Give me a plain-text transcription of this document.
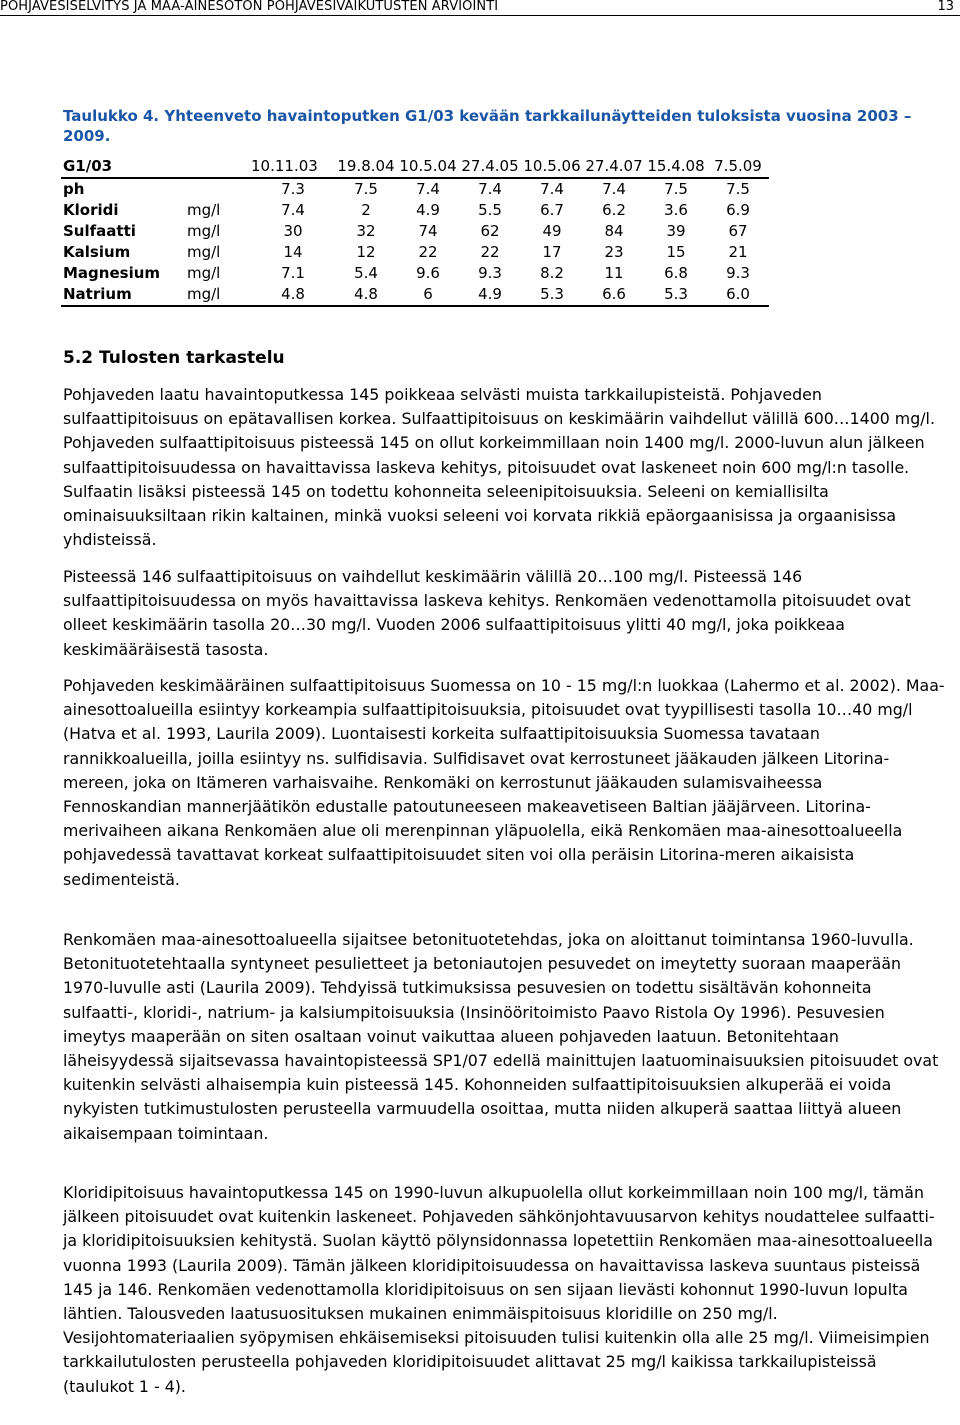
POHJAVESISELVITYS JA MAA-AINESOTON POHJAVESIVAIKUTUSTEN ARVIOINTI	13
Taulukko 4. Yhteenveto havaintoputken G1/03 kevään tarkkailunäytteiden tuloksista vuosina 2003 – 2009.
G1/03		10.11.03	19.8.04	10.5.04	27.4.05	10.5.06	27.4.07	15.4.08	7.5.09
ph		7.3	7.5	7.4	7.4	7.4	7.4	7.5	7.5
Kloridi	mg/l	7.4	2	4.9	5.5	6.7	6.2	3.6	6.9
Sulfaatti	mg/l	30	32	74	62	49	84	39	67
Kalsium	mg/l	14	12	22	22	17	23	15	21
Magnesium	mg/l	7.1	5.4	9.6	9.3	8.2	11	6.8	9.3
Natrium	mg/l	4.8	4.8	6	4.9	5.3	6.6	5.3	6.0
5.2 Tulosten tarkastelu

Pohjaveden laatu havaintoputkessa 145 poikkeaa selvästi muista tarkkailupisteistä. Pohjaveden sulfaattipitoisuus on epätavallisen korkea. Sulfaattipitoisuus on keskimäärin vaihdellut välillä 600…1400 mg/l. Pohjaveden sulfaattipitoisuus pisteessä 145 on ollut korkeimmillaan noin 1400 mg/l. 2000-luvun alun jälkeen sulfaattipitoisuudessa on havaittavissa laskeva kehitys, pitoisuudet ovat laskeneet noin 600 mg/l:n tasolle. Sulfaatin lisäksi pisteessä 145 on todettu kohonneita seleenipitoisuuksia. Seleeni on kemiallisilta ominaisuuksiltaan rikin kaltainen, minkä vuoksi seleeni voi korvata rikkiä epäorgaanisissa ja orgaanisissa yhdisteissä.

Pisteessä 146 sulfaattipitoisuus on vaihdellut keskimäärin välillä 20…100 mg/l. Pisteessä 146 sulfaattipitoisuudessa on myös havaittavissa laskeva kehitys. Renkomäen vedenottamolla pitoisuudet ovat olleet keskimäärin tasolla 20…30 mg/l. Vuoden 2006 sulfaattipitoisuus ylitti 40 mg/l, joka poikkeaa keskimääräisestä tasosta.

Pohjaveden keskimääräinen sulfaattipitoisuus Suomessa on 10 - 15 mg/l:n luokkaa (Lahermo et al. 2002). Maa-ainesottoalueilla esiintyy korkeampia sulfaattipitoisuuksia, pitoisuudet ovat tyypillisesti tasolla 10…40 mg/l (Hatva et al. 1993, Laurila 2009). Luontaisesti korkeita sulfaattipitoisuuksia Suomessa tavataan rannikkoalueilla, joilla esiintyy ns. sulfidisavia. Sulfidisavet ovat kerrostuneet jääkauden jälkeen Litorina-mereen, joka on Itämeren varhaisvaihe. Renkomäki on kerrostunut jääkauden sulamisvaiheessa Fennoskandian mannerjäätikön edustalle patoutuneeseen makeavetiseen Baltian jääjärveen. Litorina-merivaiheen aikana Renkomäen alue oli merenpinnan yläpuolella, eikä Renkomäen maa-ainesottoalueella pohjavedessä tavattavat korkeat sulfaattipitoisuudet siten voi olla peräisin Litorina-meren aikaisista sedimenteistä.

Renkomäen maa-ainesottoalueella sijaitsee betonituotetehdas, joka on aloittanut toimintansa 1960-luvulla. Betonituotetehtaalla syntyneet pesulietteet ja betoniautojen pesuvedet on imeytetty suoraan maaperään 1970-luvulle asti (Laurila 2009). Tehdyissä tutkimuksissa pesuvesien on todettu sisältävän kohonneita sulfaatti-, kloridi-, natrium- ja kalsiumpitoisuuksia (Insinööritoimisto Paavo Ristola Oy 1996). Pesuvesien imeytys maaperään on siten osaltaan voinut vaikuttaa alueen pohjaveden laatuun. Betonitehtaan läheisyydessä sijaitsevassa havaintopisteessä SP1/07 edellä mainittujen laatuominaisuuksien pitoisuudet ovat kuitenkin selvästi alhaisempia kuin pisteessä 145. Kohonneiden sulfaattipitoisuuksien alkuperää ei voida nykyisten tutkimustulosten perusteella varmuudella osoittaa, mutta niiden alkuperä saattaa liittyä alueen aikaisempaan toimintaan.

Kloridipitoisuus havaintoputkessa 145 on 1990-luvun alkupuolella ollut korkeimmillaan noin 100 mg/l, tämän jälkeen pitoisuudet ovat kuitenkin laskeneet. Pohjaveden sähkönjohtavuusarvon kehitys noudattelee sulfaatti- ja kloridipitoisuuksien kehitystä. Suolan käyttö pölynsidonnassa lopetettiin Renkomäen maa-ainesottoalueella vuonna 1993 (Laurila 2009). Tämän jälkeen kloridipitoisuudessa on havaittavissa laskeva suuntaus pisteissä 145 ja 146. Renkomäen vedenottamolla kloridipitoisuus on sen sijaan lievästi kohonnut 1990-luvun lopulta lähtien. Talousveden laatusuosituksen mukainen enimmäispitoisuus kloridille on 250 mg/l. Vesijohtomateriaalien syöpymisen ehkäisemiseksi pitoisuuden tulisi kuitenkin olla alle 25 mg/l. Viimeisimpien tarkkailutulosten perusteella pohjaveden kloridipitoisuudet alittavat 25 mg/l kaikissa tarkkailupisteissä (taulukot 1 - 4).
